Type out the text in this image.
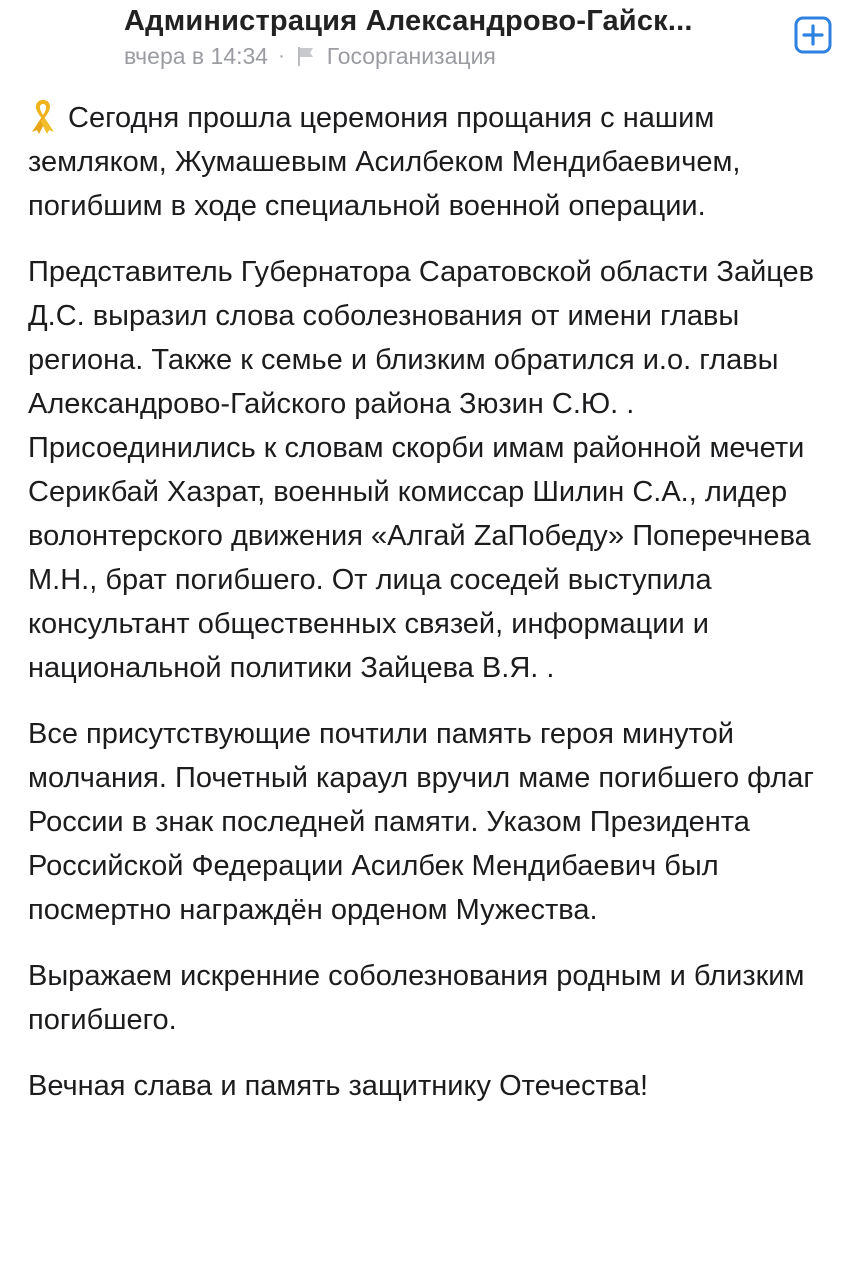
Администрация Александрово-Гайск...
вчера в 14:34 · Госорганизация

Сегодня прошла церемония прощания с нашим земляком, Жумашевым Асилбеком Мендибаевичем, погибшим в ходе специальной военной операции.

Представитель Губернатора Саратовской области Зайцев Д.С. выразил слова соболезнования от имени главы региона. Также к семье и близким обратился и.о. главы Александрово-Гайского района Зюзин С.Ю. . Присоединились к словам скорби имам районной мечети Серикбай Хазрат, военный комиссар Шилин С.А., лидер волонтерского движения «Алгай ZаПобеду» Поперечнева М.Н., брат погибшего. От лица соседей выступила консультант общественных связей, информации и национальной политики Зайцева В.Я. .

Все присутствующие почтили память героя минутой молчания. Почетный караул вручил маме погибшего флаг России в знак последней памяти. Указом Президента Российской Федерации Асилбек Мендибаевич был посмертно награждён орденом Мужества.

Выражаем искренние соболезнования родным и близким погибшего.

Вечная слава и память защитнику Отечества!
